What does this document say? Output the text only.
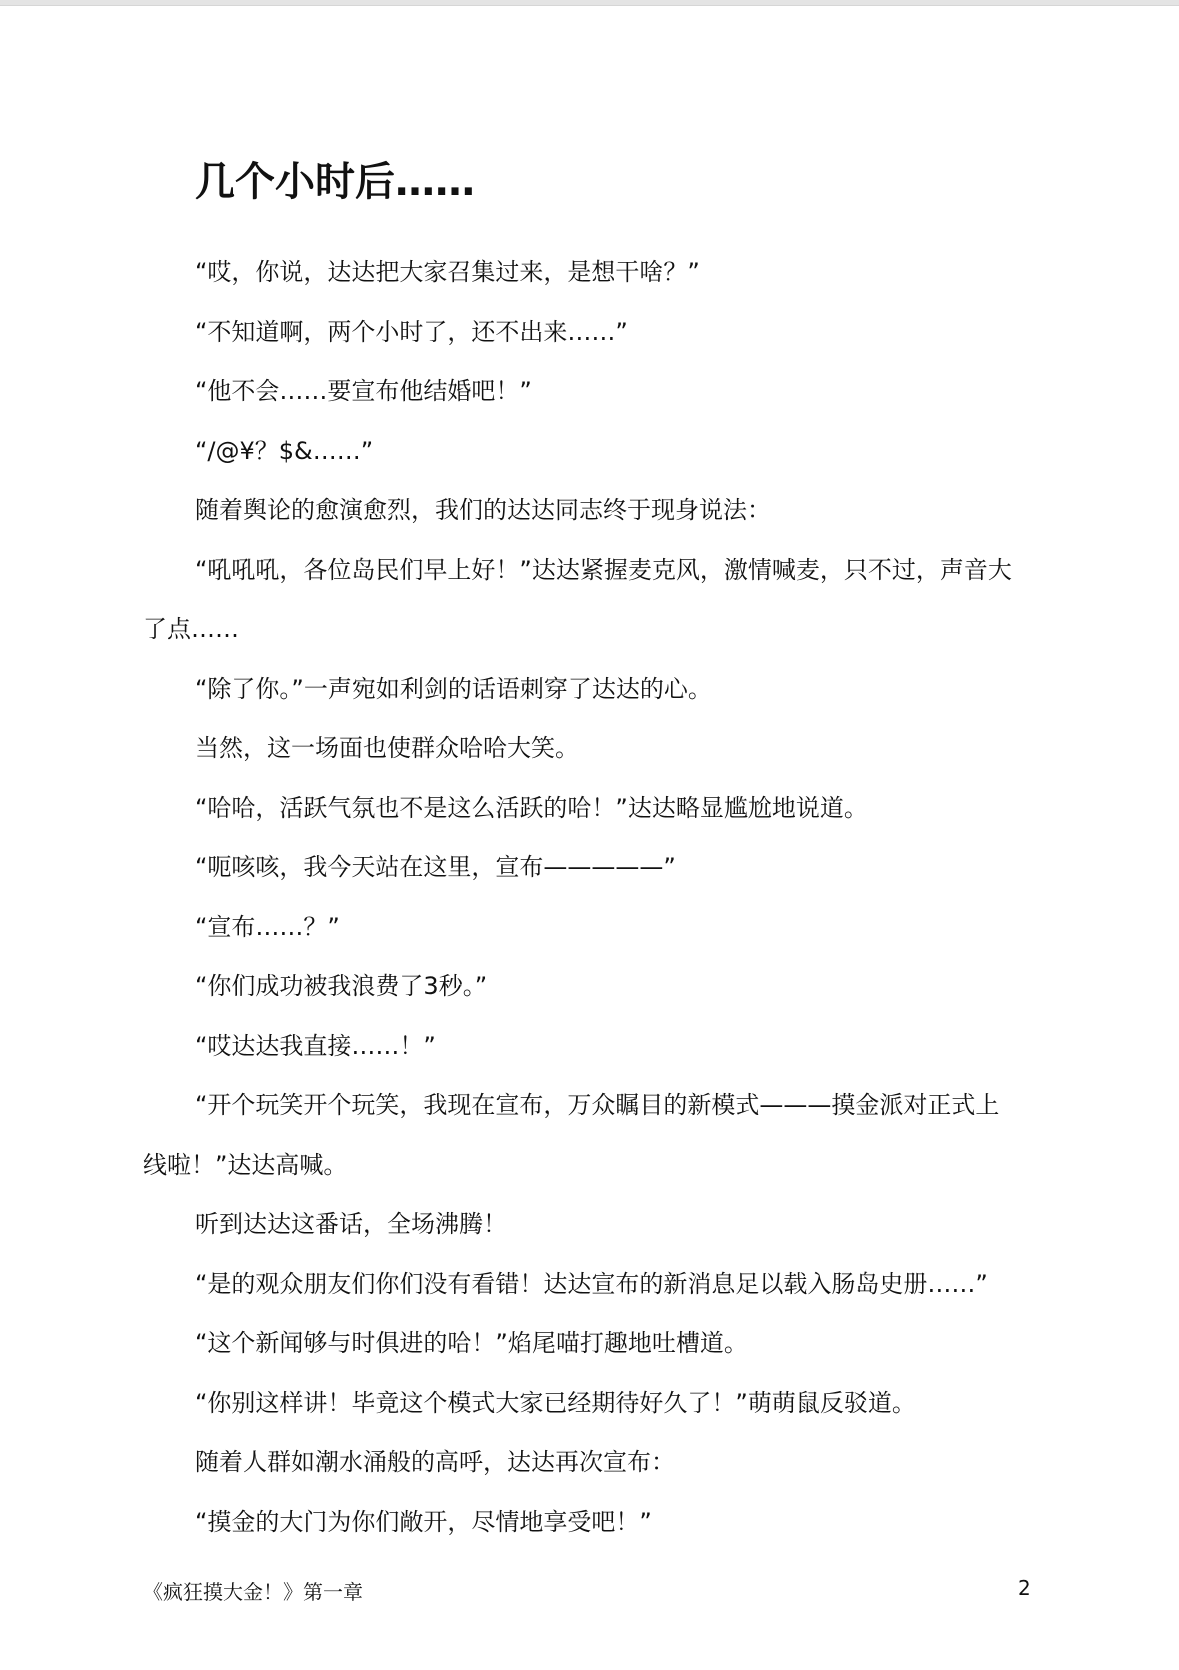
几个小时后……

“哎，你说，达达把大家召集过来，是想干啥？”

“不知道啊，两个小时了，还不出来……”

“他不会……要宣布他结婚吧！”

“/@¥？$&……”

随着舆论的愈演愈烈，我们的达达同志终于现身说法：

“吼吼吼，各位岛民们早上好！”达达紧握麦克风，激情喊麦，只不过，声音大了点……

“除了你。”一声宛如利剑的话语刺穿了达达的心。

当然，这一场面也使群众哈哈大笑。

“哈哈，活跃气氛也不是这么活跃的哈！”达达略显尴尬地说道。

“呃咳咳，我今天站在这里，宣布—————”

“宣布……？”

“你们成功被我浪费了3秒。”

“哎达达我直接……！”

“开个玩笑开个玩笑，我现在宣布，万众瞩目的新模式———摸金派对正式上线啦！”达达高喊。

听到达达这番话，全场沸腾！

“是的观众朋友们你们没有看错！达达宣布的新消息足以载入肠岛史册……”

“这个新闻够与时俱进的哈！”焰尾喵打趣地吐槽道。

“你别这样讲！毕竟这个模式大家已经期待好久了！”萌萌鼠反驳道。

随着人群如潮水涌般的高呼，达达再次宣布：

“摸金的大门为你们敞开，尽情地享受吧！”

《疯狂摸大金！》第一章	2
